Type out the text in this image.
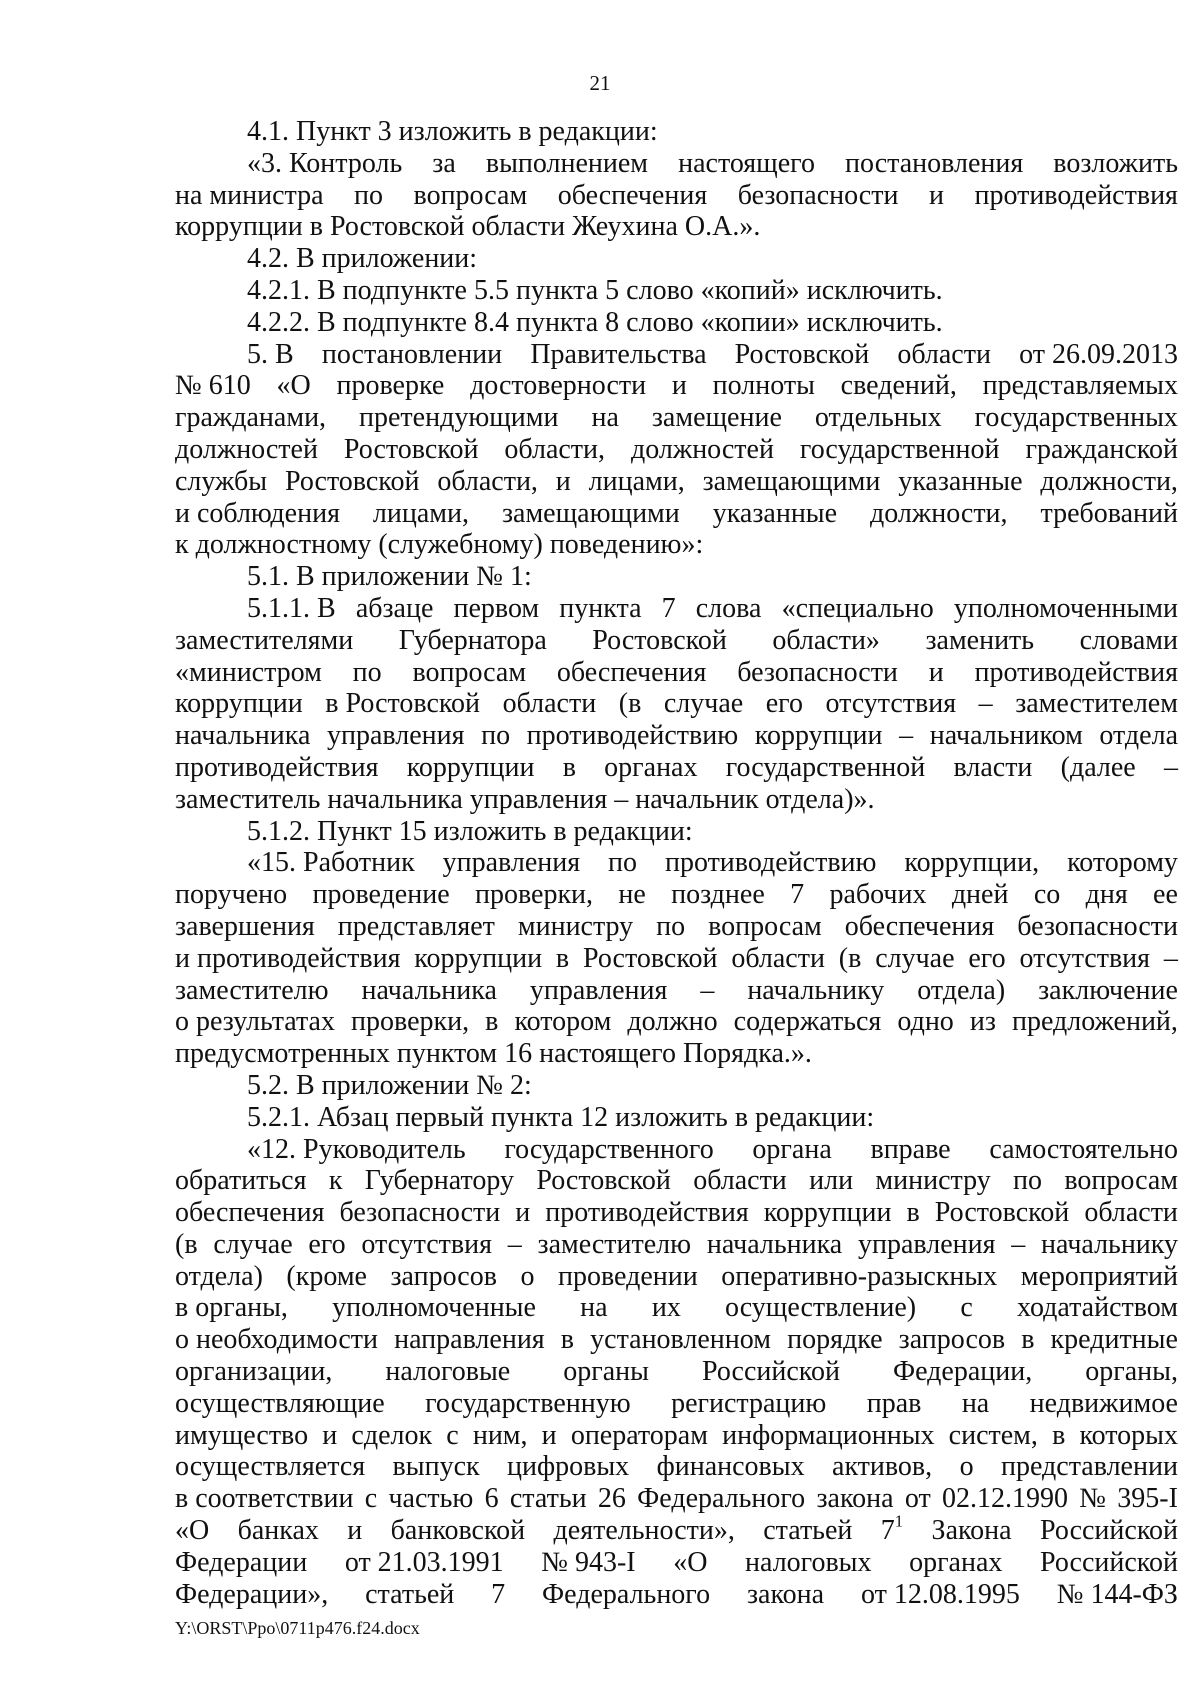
21
4.1. Пункт 3 изложить в редакции:
«3. Контроль за выполнением настоящего постановления возложить
на министра по вопросам обеспечения безопасности и противодействия
коррупции в Ростовской области Жеухина О.А.».
4.2. В приложении:
4.2.1. В подпункте 5.5 пункта 5 слово «копий» исключить.
4.2.2. В подпункте 8.4 пункта 8 слово «копии» исключить.
5. В постановлении Правительства Ростовской области от 26.09.2013
№ 610 «О проверке достоверности и полноты сведений, представляемых
гражданами, претендующими на замещение отдельных государственных
должностей Ростовской области, должностей государственной гражданской
службы Ростовской области, и лицами, замещающими указанные должности,
и соблюдения лицами, замещающими указанные должности, требований
к должностному (служебному) поведению»:
5.1. В приложении № 1:
5.1.1. В абзаце первом пункта 7 слова «специально уполномоченными
заместителями Губернатора Ростовской области» заменить словами
«министром по вопросам обеспечения безопасности и противодействия
коррупции в Ростовской области (в случае его отсутствия – заместителем
начальника управления по противодействию коррупции – начальником отдела
противодействия коррупции в органах государственной власти (далее –
заместитель начальника управления – начальник отдела)».
5.1.2. Пункт 15 изложить в редакции:
«15. Работник управления по противодействию коррупции, которому
поручено проведение проверки, не позднее 7 рабочих дней со дня ее
завершения представляет министру по вопросам обеспечения безопасности
и противодействия коррупции в Ростовской области (в случае его отсутствия –
заместителю начальника управления – начальнику отдела) заключение
о результатах проверки, в котором должно содержаться одно из предложений,
предусмотренных пунктом 16 настоящего Порядка.».
5.2. В приложении № 2:
5.2.1. Абзац первый пункта 12 изложить в редакции:
«12. Руководитель государственного органа вправе самостоятельно
обратиться к Губернатору Ростовской области или министру по вопросам
обеспечения безопасности и противодействия коррупции в Ростовской области
(в случае его отсутствия – заместителю начальника управления – начальнику
отдела) (кроме запросов о проведении оперативно-разыскных мероприятий
в органы, уполномоченные на их осуществление) с ходатайством
о необходимости направления в установленном порядке запросов в кредитные
организации, налоговые органы Российской Федерации, органы,
осуществляющие государственную регистрацию прав на недвижимое
имущество и сделок с ним, и операторам информационных систем, в которых
осуществляется выпуск цифровых финансовых активов, о представлении
в соответствии с частью 6 статьи 26 Федерального закона от 02.12.1990 № 395-I
«О банках и банковской деятельности», статьей $7^1$ Закона Российской
Федерации от 21.03.1991 № 943-I «О налоговых органах Российской
Федерации», статьей 7 Федерального закона от 12.08.1995 № 144-ФЗ
Y:\ORST\Ppo\0711p476.f24.docx
